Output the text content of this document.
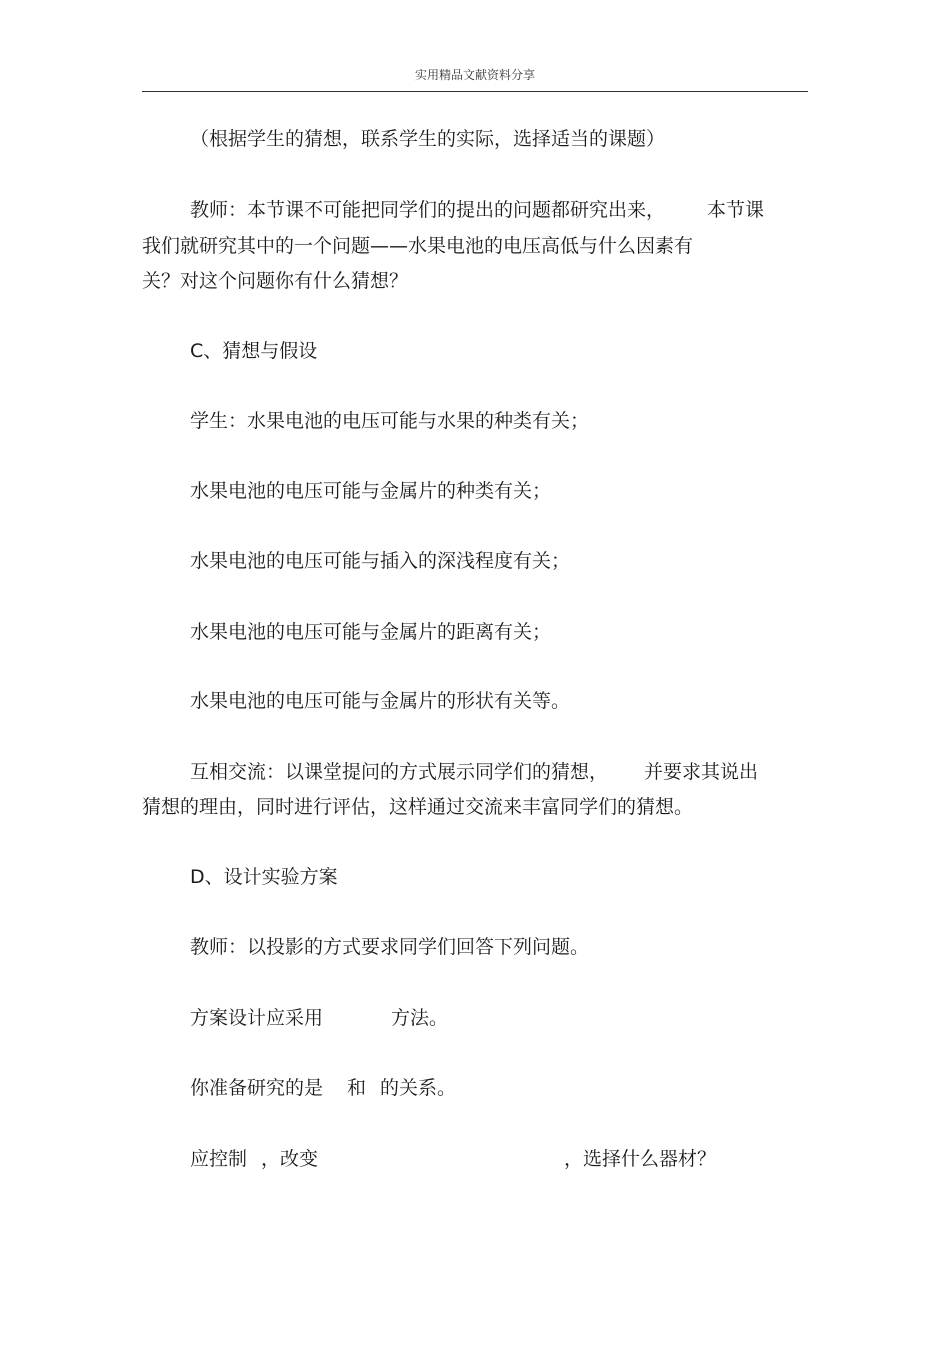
实用精品文献资料分享
（根据学生的猜想，联系学生的实际，选择适当的课题）
教师：本节课不可能把同学们的提出的问题都研究出来， 本节课
我们就研究其中的一个问题——水果电池的电压高低与什么因素有
关？对这个问题你有什么猜想？
C、猜想与假设
学生：水果电池的电压可能与水果的种类有关；
水果电池的电压可能与金属片的种类有关；
水果电池的电压可能与插入的深浅程度有关；
水果电池的电压可能与金属片的距离有关；
水果电池的电压可能与金属片的形状有关等。
互相交流：以课堂提问的方式展示同学们的猜想， 并要求其说出
猜想的理由，同时进行评估，这样通过交流来丰富同学们的猜想。
D、设计实验方案
教师：以投影的方式要求同学们回答下列问题。
方案设计应采用	方法。
你准备研究的是 和 的关系。
应控制 ，改变	，选择什么器材？
